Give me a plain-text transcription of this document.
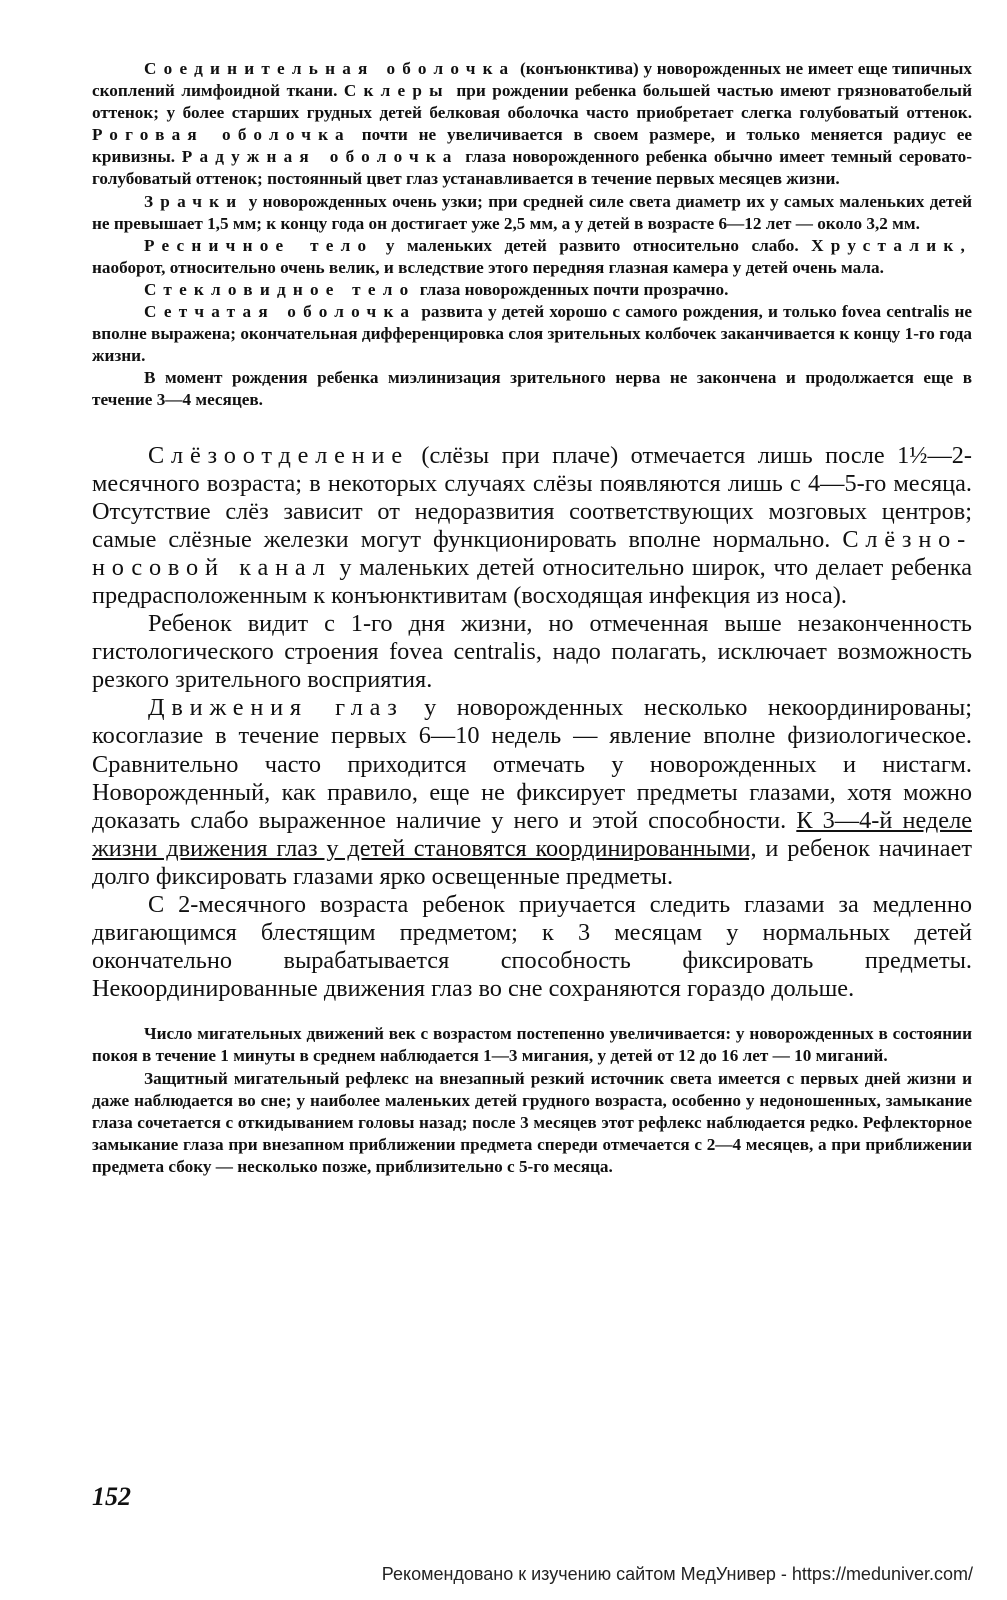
Соединительная оболочка (конъюнктива) у новорожденных не имеет еще типичных скоплений лимфоидной ткани. Склеры при рождении ребенка большей частью имеют грязноватобелый оттенок; у более старших грудных детей белковая оболочка часто приобретает слегка голубоватый оттенок. Роговая оболочка почти не увеличивается в своем размере, и только меняется радиус ее кривизны. Радужная оболочка глаза новорожденного ребенка обычно имеет темный серовато-голубоватый оттенок; постоянный цвет глаз устанавливается в течение первых месяцев жизни.

Зрачки у новорожденных очень узки; при средней силе света диаметр их у самых маленьких детей не превышает 1,5 мм; к концу года он достигает уже 2,5 мм, а у детей в возрасте 6—12 лет — около 3,2 мм.

Ресничное тело у маленьких детей развито относительно слабо. Хрусталик, наоборот, относительно очень велик, и вследствие этого передняя глазная камера у детей очень мала.

Стекловидное тело глаза новорожденных почти прозрачно.

Сетчатая оболочка развита у детей хорошо с самого рождения, и только fovea centralis не вполне выражена; окончательная дифференцировка слоя зрительных колбочек заканчивается к концу 1-го года жизни.

В момент рождения ребенка миэлинизация зрительного нерва не закончена и продолжается еще в течение 3—4 месяцев.

Слёзоотделение (слёзы при плаче) отмечается лишь после 1½—2-месячного возраста; в некоторых случаях слёзы появляются лишь с 4—5-го месяца. Отсутствие слёз зависит от недоразвития соответствующих мозговых центров; самые слёзные железки могут функционировать вполне нормально. Слёзно-носовой канал у маленьких детей относительно широк, что делает ребенка предрасположенным к конъюнктивитам (восходящая инфекция из носа).

Ребенок видит с 1-го дня жизни, но отмеченная выше незаконченность гистологического строения fovea centralis, надо полагать, исключает возможность резкого зрительного восприятия.

Движения глаз у новорожденных несколько некоординированы; косоглазие в течение первых 6—10 недель — явление вполне физиологическое. Сравнительно часто приходится отмечать у новорожденных и нистагм. Новорожденный, как правило, еще не фиксирует предметы глазами, хотя можно доказать слабо выраженное наличие у него и этой способности. К 3—4-й неделе жизни движения глаз у детей становятся координированными, и ребенок начинает долго фиксировать глазами ярко освещенные предметы.

С 2-месячного возраста ребенок приучается следить глазами за медленно двигающимся блестящим предметом; к 3 месяцам у нормальных детей окончательно вырабатывается способность фиксировать предметы. Некоординированные движения глаз во сне сохраняются гораздо дольше.

Число мигательных движений век с возрастом постепенно увеличивается: у новорожденных в состоянии покоя в течение 1 минуты в среднем наблюдается 1—3 мигания, у детей от 12 до 16 лет — 10 миганий.

Защитный мигательный рефлекс на внезапный резкий источник света имеется с первых дней жизни и даже наблюдается во сне; у наиболее маленьких детей грудного возраста, особенно у недоношенных, замыкание глаза сочетается с откидыванием головы назад; после 3 месяцев этот рефлекс наблюдается редко. Рефлекторное замыкание глаза при внезапном приближении предмета спереди отмечается с 2—4 месяцев, а при приближении предмета сбоку — несколько позже, приблизительно с 5-го месяца.

152
Рекомендовано к изучению сайтом МедУнивер - https://meduniver.com/
